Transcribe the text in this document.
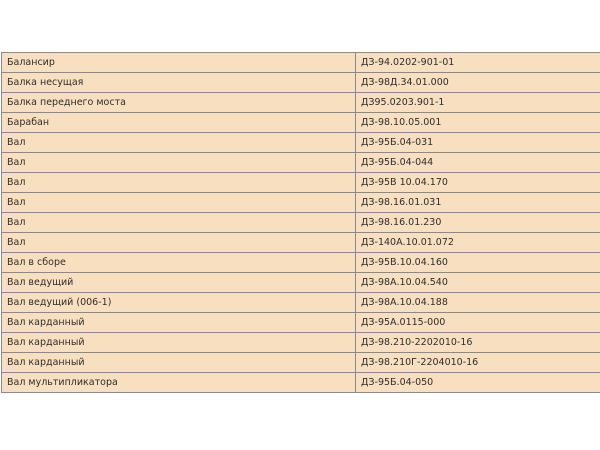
Балансир	ДЗ-94.0202-901-01
Балка несущая	ДЗ-98Д.34.01.000
Балка переднего моста	ДЗ95.0203.901-1
Барабан	ДЗ-98.10.05.001
Вал	ДЗ-95Б.04-031
Вал	ДЗ-95Б.04-044
Вал	ДЗ-95В 10.04.170
Вал	ДЗ-98.16.01.031
Вал	ДЗ-98.16.01.230
Вал	ДЗ-140А.10.01.072
Вал в сборе	ДЗ-95В.10.04.160
Вал ведущий	ДЗ-98А.10.04.540
Вал ведущий (006-1)	ДЗ-98А.10.04.188
Вал карданный	ДЗ-95А.0115-000
Вал карданный	ДЗ-98.210-2202010-16
Вал карданный	ДЗ-98.210Г-2204010-16
Вал мультипликатора	ДЗ-95Б.04-050
